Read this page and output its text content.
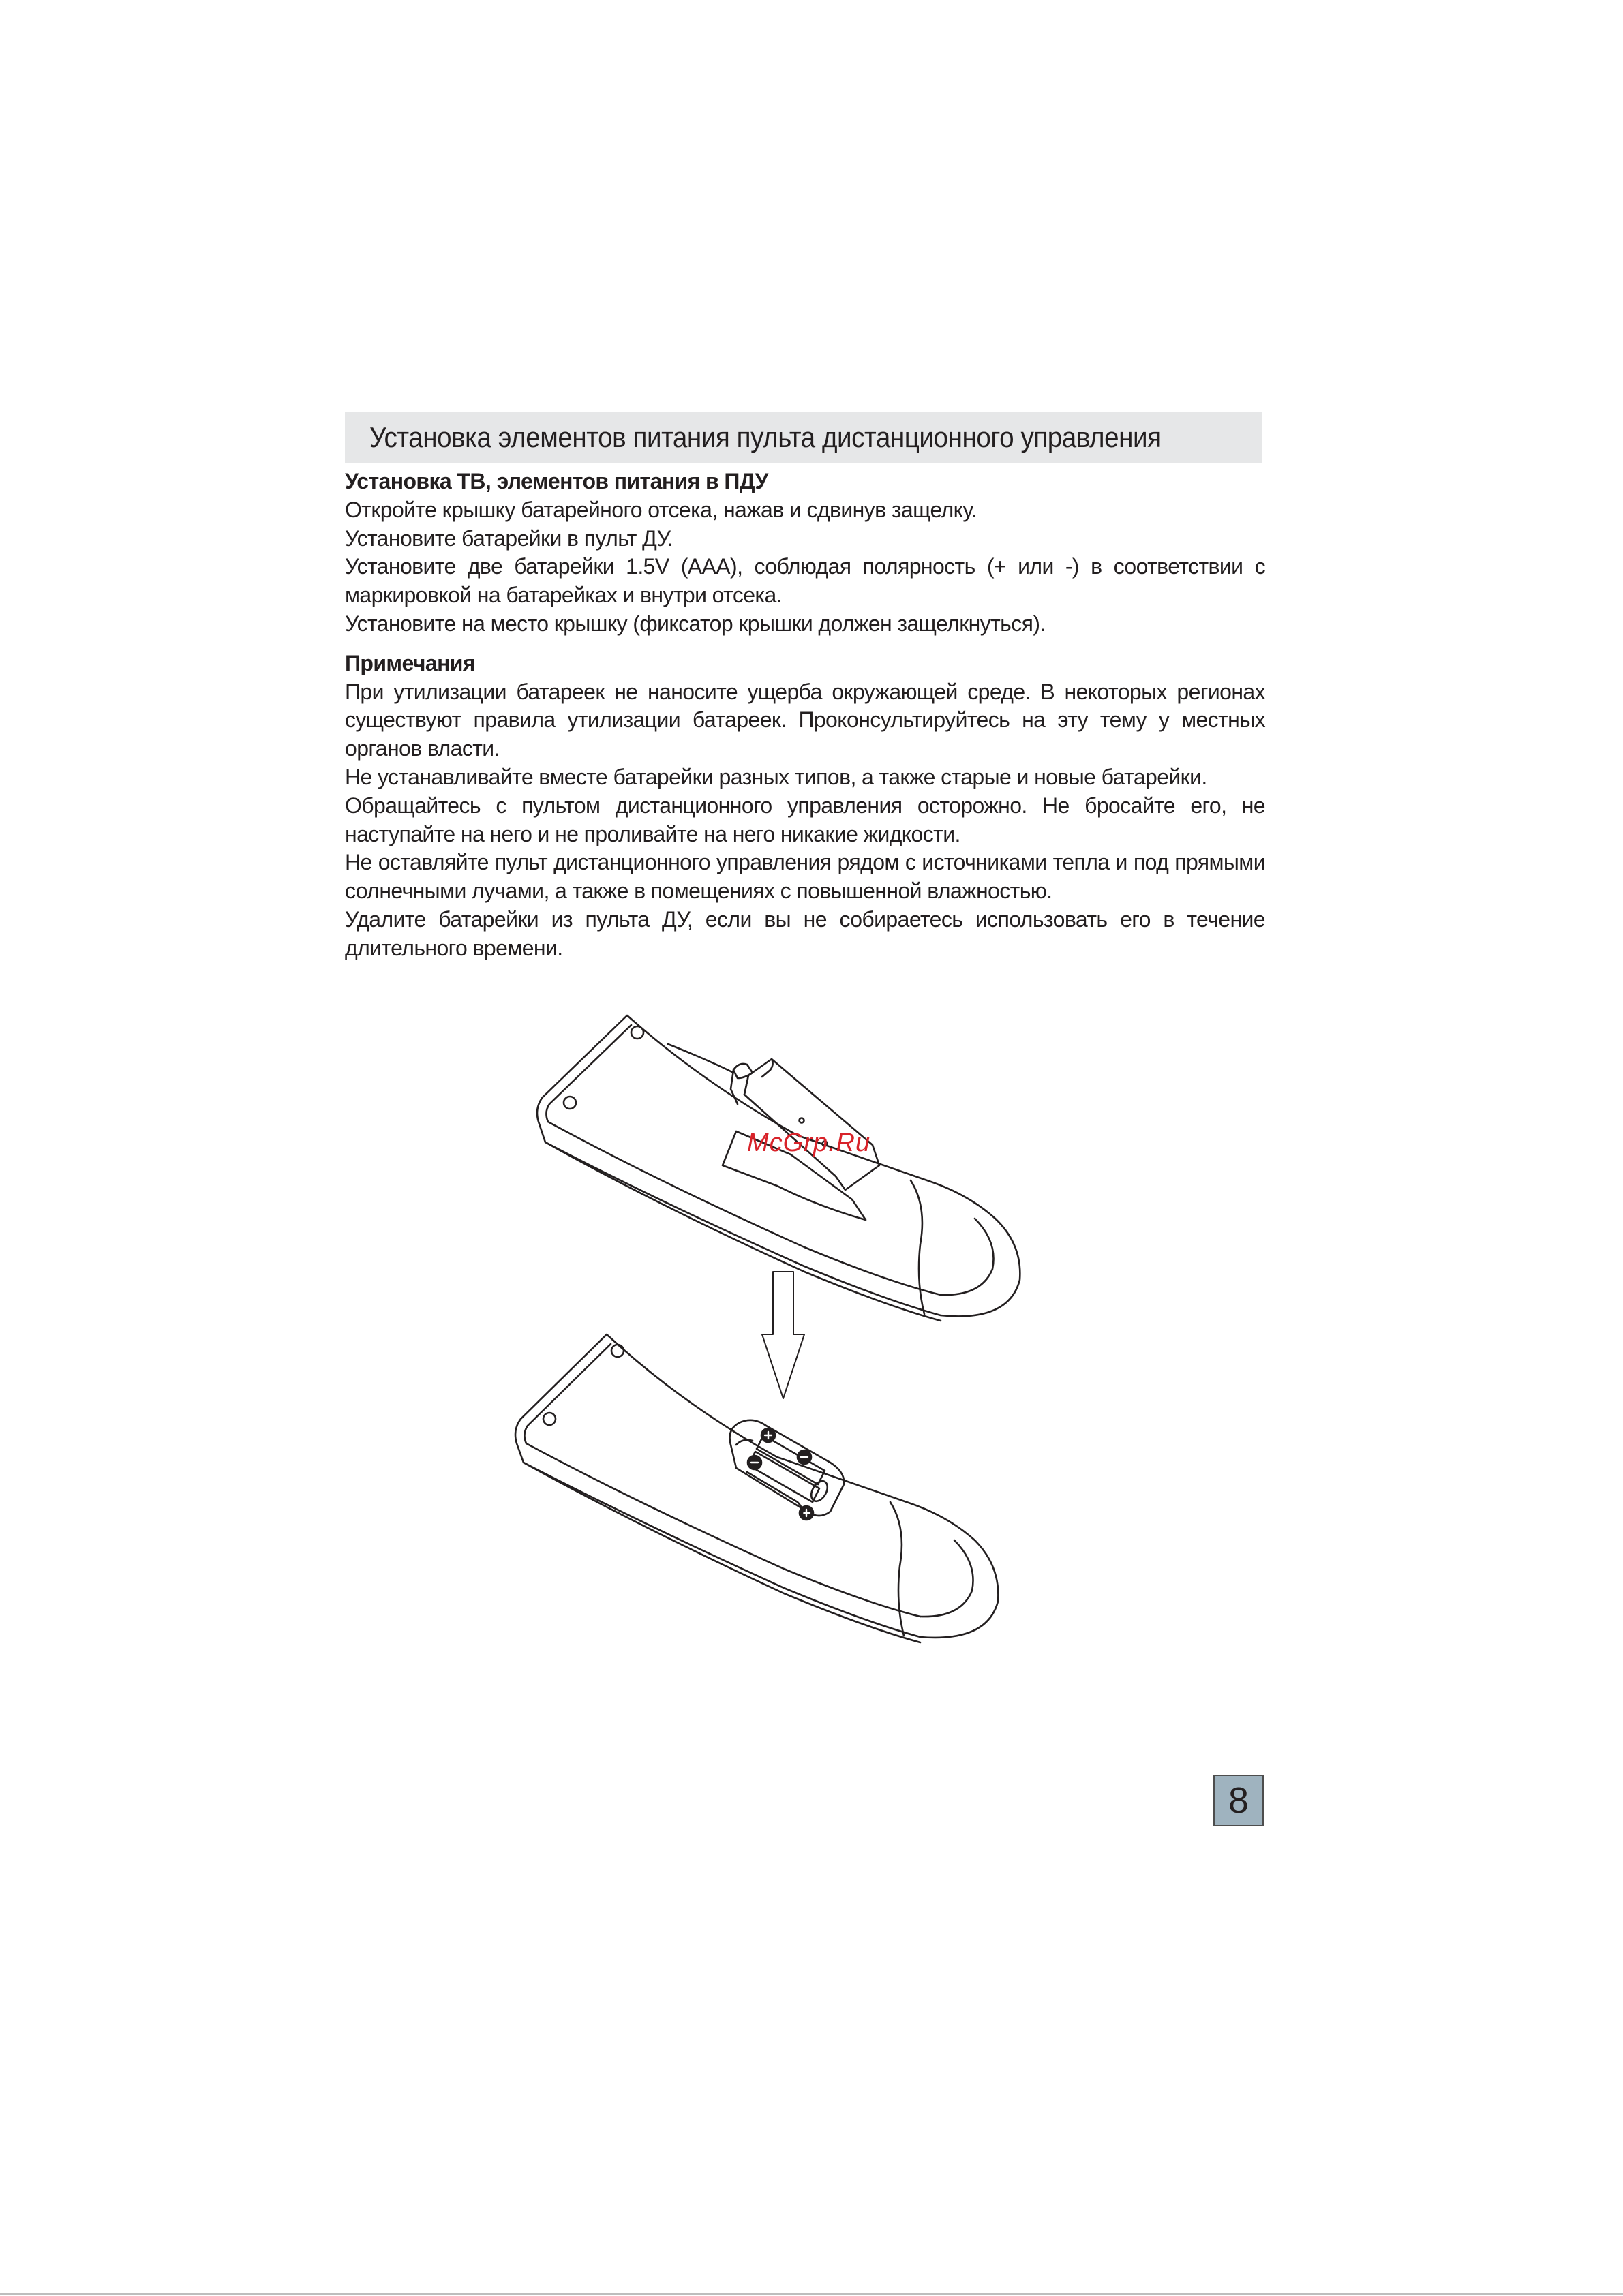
Установка элементов питания пульта дистанционного управления

Установка ТВ, элементов питания в ПДУ

Откройте крышку батарейного отсека, нажав и сдвинув защелку.

Установите батарейки в пульт ДУ.

Установите две батарейки 1.5V (ААА), соблюдая полярность (+ или -) в соответствии с маркировкой на батарейках и внутри отсека.

Установите на место крышку (фиксатор крышки должен защелкнуться).

Примечания

При утилизации батареек не наносите ущерба окружающей среде. В некоторых регионах существуют правила утилизации батареек. Проконсультируйтесь на эту тему у местных органов власти.

Не устанавливайте вместе батарейки разных типов, а также старые и новые батарейки.

Обращайтесь с пультом дистанционного управления осторожно. Не бросайте его, не наступайте на него и не проливайте на него никакие жидкости.

Не оставляйте пульт дистанционного управления рядом с источниками тепла и под прямыми солнечными лучами, а также в помещениях с повышенной влажностью.

Удалите батарейки из пульта ДУ, если вы не собираетесь использовать его в течение длительного времени.

McGrp.Ru
8
